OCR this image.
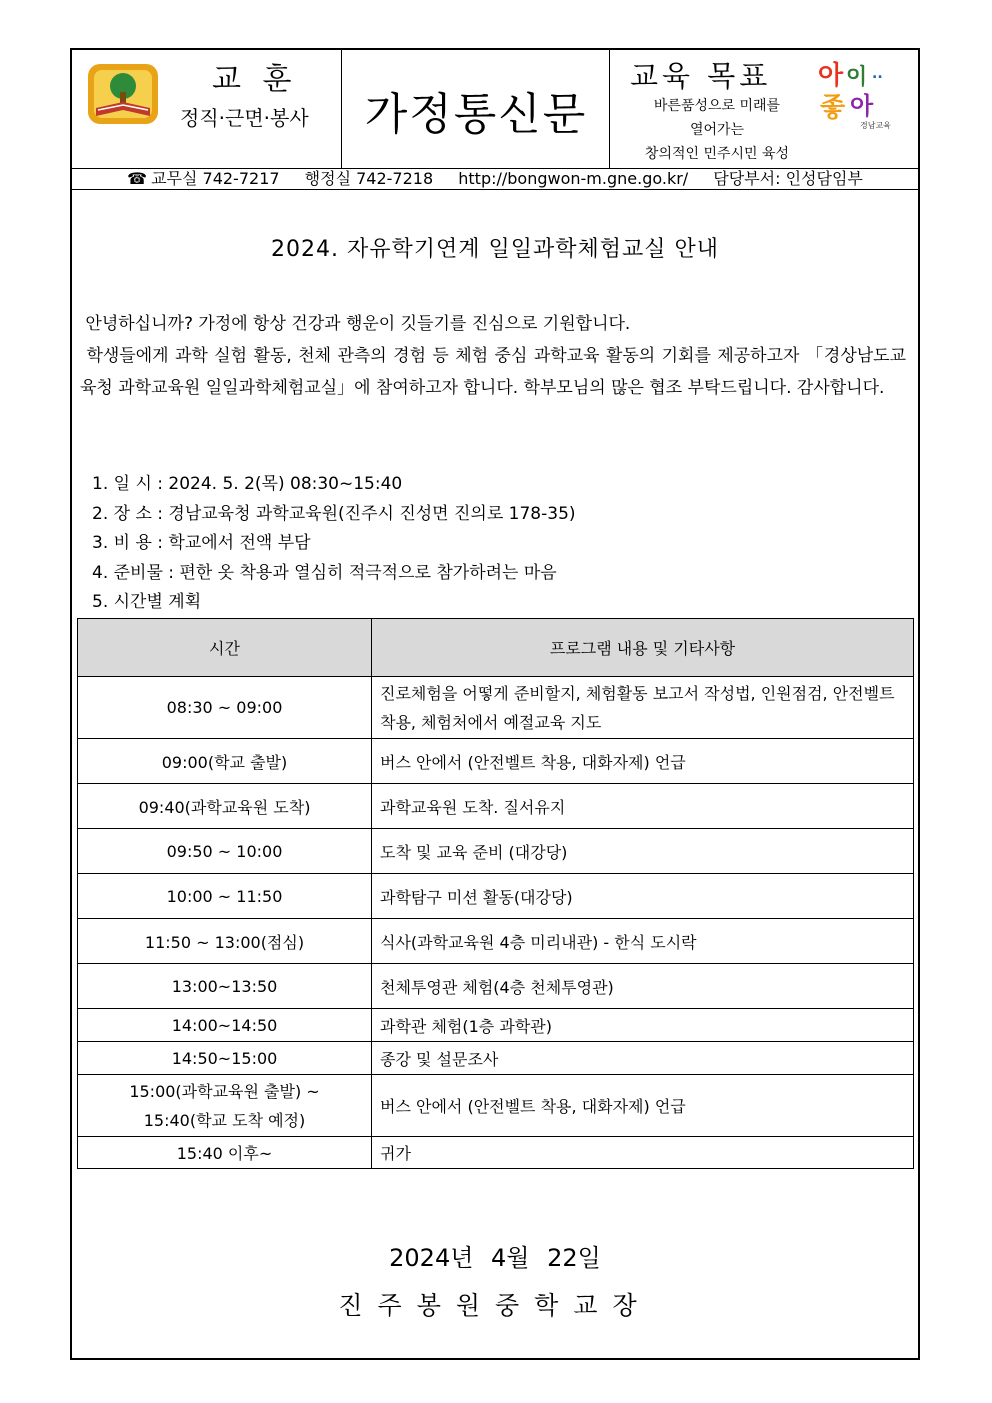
교 훈
정직·근면·봉사	가정통신문
교육 목표
바른품성으로 미래를
열어가는
창의적인 민주시민 육성
아 이 ..
좋 아
경남교육
☎ 교무실 742-7217 행정실 742-7218 http://bongwon-m.gne.go.kr/ 담당부서: 인성담임부
2024. 자유학기연계 일일과학체험교실 안내

안녕하십니까? 가정에 항상 건강과 행운이 깃들기를 진심으로 기원합니다.

학생들에게 과학 실험 활동, 천체 관측의 경험 등 체험 중심 과학교육 활동의 기회를 제공하고자 「경상남도교육청 과학교육원 일일과학체험교실」에 참여하고자 합니다. 학부모님의 많은 협조 부탁드립니다. 감사합니다.

1. 일 시 : 2024. 5. 2(목) 08:30~15:40
2. 장 소 : 경남교육청 과학교육원(진주시 진성면 진의로 178-35)
3. 비 용 : 학교에서 전액 부담
4. 준비물 : 편한 옷 착용과 열심히 적극적으로 참가하려는 마음
5. 시간별 계획
시간	프로그램 내용 및 기타사항
08:30 ~ 09:00	진로체험을 어떻게 준비할지, 체험활동 보고서 작성법, 인원점검, 안전벨트 착용, 체험처에서 예절교육 지도
09:00(학교 출발)	버스 안에서 (안전벨트 착용, 대화자제) 언급
09:40(과학교육원 도착)	과학교육원 도착. 질서유지
09:50 ~ 10:00	도착 및 교육 준비 (대강당)
10:00 ~ 11:50	과학탐구 미션 활동(대강당)
11:50 ~ 13:00(점심)	식사(과학교육원 4층 미리내관) - 한식 도시락
13:00~13:50	천체투영관 체험(4층 천체투영관)
14:00~14:50	과학관 체험(1층 과학관)
14:50~15:00	종강 및 설문조사
15:00(과학교육원 출발) ~ 15:40(학교 도착 예정)	버스 안에서 (안전벨트 착용, 대화자제) 언급
15:40 이후~	귀가
2024년 4월 22일
진주봉원중학교장
